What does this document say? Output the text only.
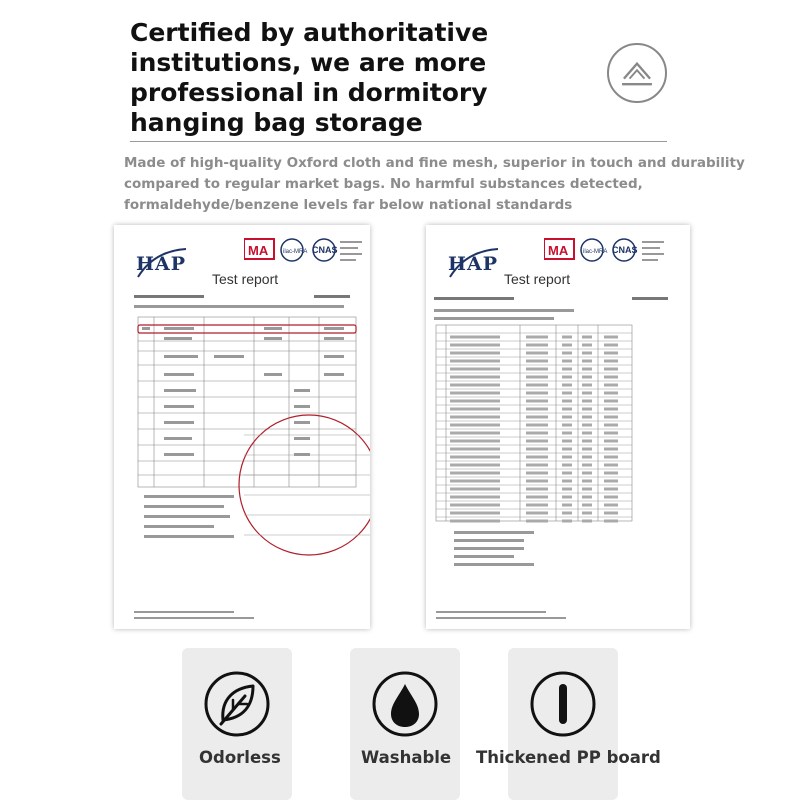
Certified by authoritative institutions, we are more professional in dormitory hanging bag storage
Made of high-quality Oxford cloth and fine mesh, superior in touch and durability compared to regular market bags. No harmful substances detected, formaldehyde/benzene levels far below national standards
HAP
Test report
MA ilac-MRA CNAS
HAP
Test report
MA ilac-MRA CNAS
Odorless	Washable Thickened PP board
